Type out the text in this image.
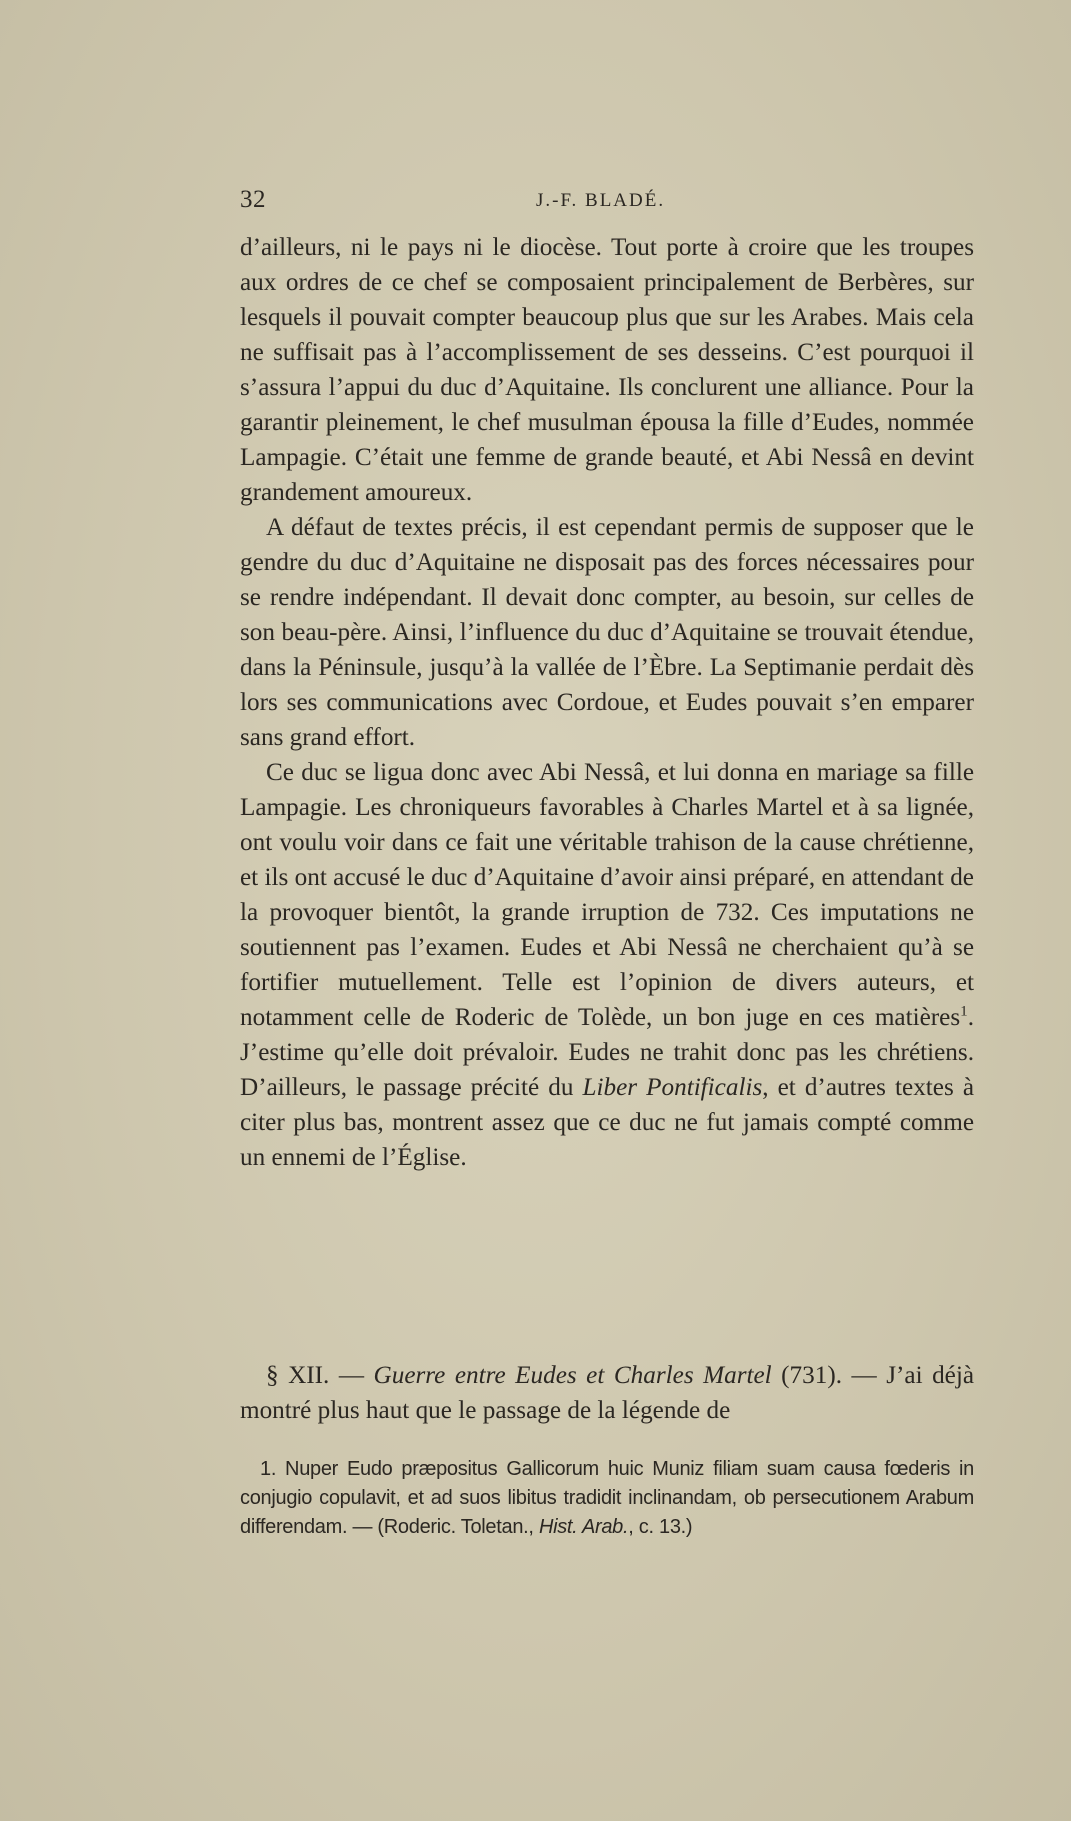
32	J.-F. BLADÉ.

d’ailleurs, ni le pays ni le diocèse. Tout porte à croire que les troupes aux ordres de ce chef se composaient principalement de Berbères, sur lesquels il pouvait compter beaucoup plus que sur les Arabes. Mais cela ne suffisait pas à l’accomplissement de ses desseins. C’est pourquoi il s’assura l’appui du duc d’Aquitaine. Ils conclurent une alliance. Pour la garantir pleinement, le chef musulman épousa la fille d’Eudes, nommée Lampagie. C’était une femme de grande beauté, et Abi Nessâ en devint grandement amoureux.

A défaut de textes précis, il est cependant permis de supposer que le gendre du duc d’Aquitaine ne disposait pas des forces nécessaires pour se rendre indépendant. Il devait donc compter, au besoin, sur celles de son beau-père. Ainsi, l’influence du duc d’Aquitaine se trouvait étendue, dans la Péninsule, jusqu’à la vallée de l’Èbre. La Septimanie perdait dès lors ses communications avec Cordoue, et Eudes pouvait s’en emparer sans grand effort.

Ce duc se ligua donc avec Abi Nessâ, et lui donna en mariage sa fille Lampagie. Les chroniqueurs favorables à Charles Martel et à sa lignée, ont voulu voir dans ce fait une véritable trahison de la cause chrétienne, et ils ont accusé le duc d’Aquitaine d’avoir ainsi préparé, en attendant de la provoquer bientôt, la grande irruption de 732. Ces imputations ne soutiennent pas l’examen. Eudes et Abi Nessâ ne cherchaient qu’à se fortifier mutuellement. Telle est l’opinion de divers auteurs, et notamment celle de Roderic de Tolède, un bon juge en ces matières$^1$. J’estime qu’elle doit prévaloir. Eudes ne trahit donc pas les chrétiens. D’ailleurs, le passage précité du Liber Pontificalis, et d’autres textes à citer plus bas, montrent assez que ce duc ne fut jamais compté comme un ennemi de l’Église.

§ XII. — Guerre entre Eudes et Charles Martel (731). — J’ai déjà montré plus haut que le passage de la légende de
1. Nuper Eudo præpositus Gallicorum huic Muniz filiam suam causa fœderis in conjugio copulavit, et ad suos libitus tradidit inclinandam, ob persecutionem Arabum differendam. — (Roderic. Toletan., Hist. Arab., c. 13.)
